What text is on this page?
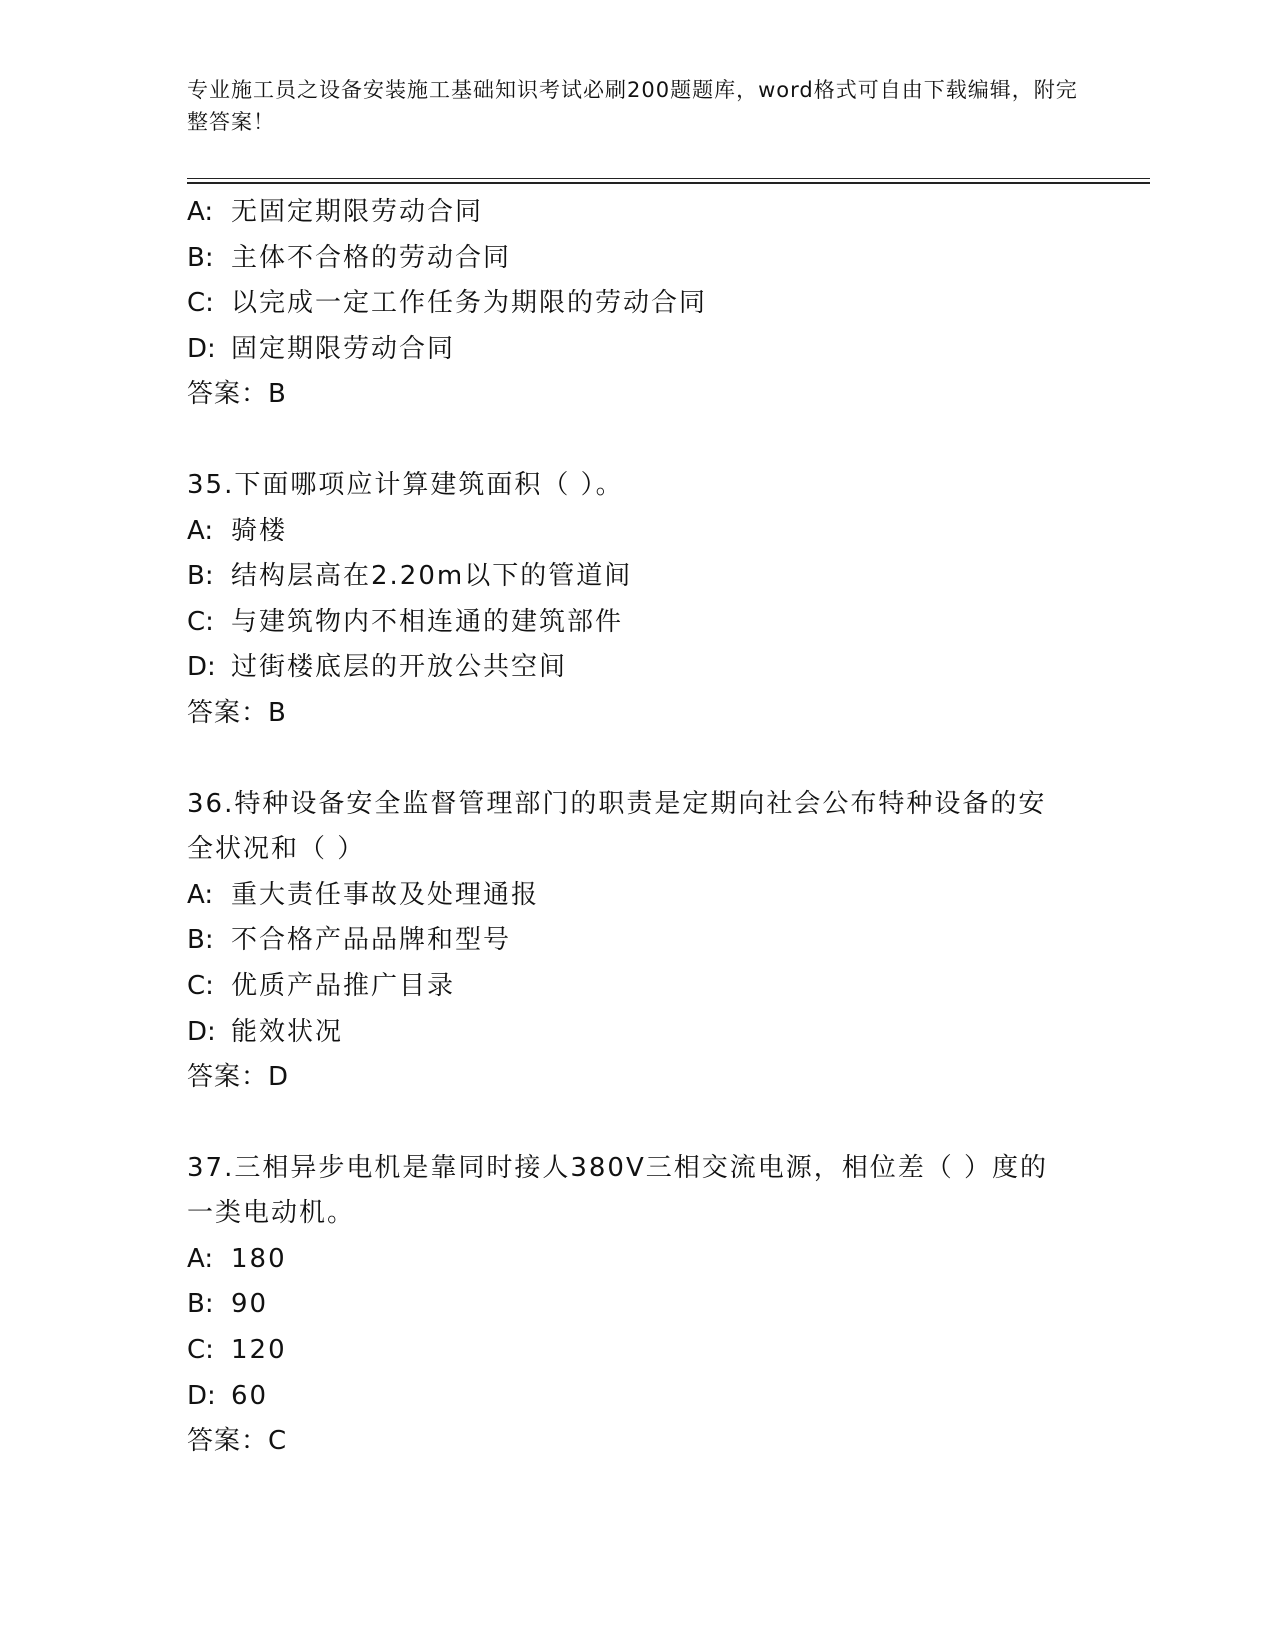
专业施工员之设备安装施工基础知识考试必刷200题题库，word格式可自由下载编辑，附完整答案！
A: 无固定期限劳动合同
B: 主体不合格的劳动合同
C: 以完成一定工作任务为期限的劳动合同
D: 固定期限劳动合同
答案：B
35.下面哪项应计算建筑面积（ ）。
A: 骑楼
B: 结构层高在2.20m以下的管道间
C: 与建筑物内不相连通的建筑部件
D: 过街楼底层的开放公共空间
答案：B
36.特种设备安全监督管理部门的职责是定期向社会公布特种设备的安全状况和（ ）
A: 重大责任事故及处理通报
B: 不合格产品品牌和型号
C: 优质产品推广目录
D: 能效状况
答案：D
37.三相异步电机是靠同时接人380V三相交流电源，相位差（ ）度的一类电动机。
A: 180
B: 90
C: 120
D: 60
答案：C
